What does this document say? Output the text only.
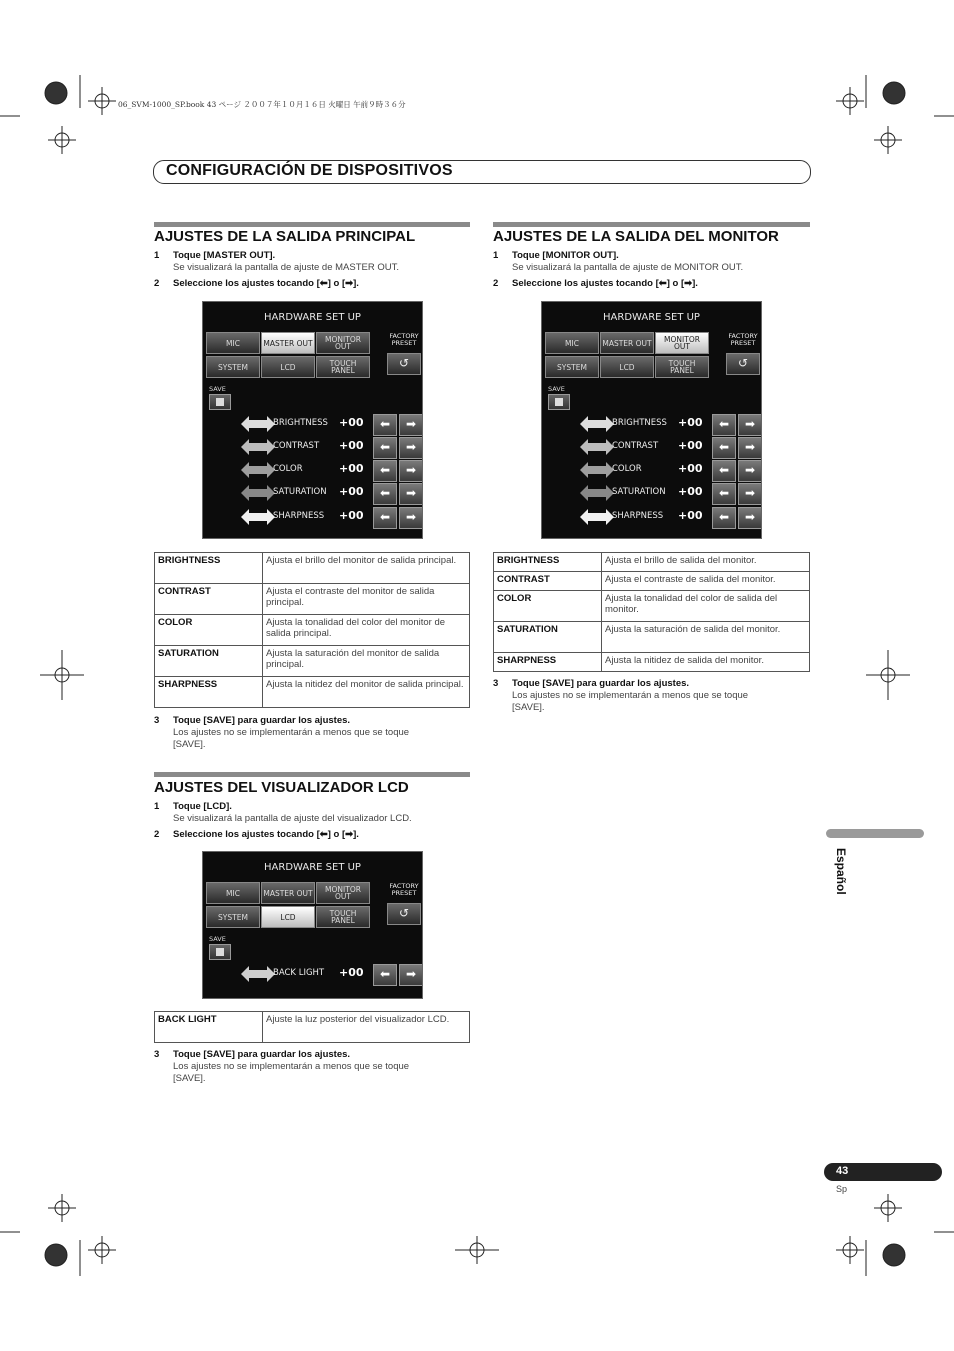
06_SVM-1000_SP.book 43 ページ ２００７年１０月１６日 火曜日 午前９時３６分
CONFIGURACIÓN DE DISPOSITIVOS
AJUSTES DE LA SALIDA PRINCIPAL
1 Toque [MASTER OUT].
Se visualizará la pantalla de ajuste de MASTER OUT.
2 Seleccione los ajustes tocando [⬅] o [➡].
HARDWARE SET UP
MIC	MASTER OUT	MONITOR OUT
SYSTEM	LCD	TOUCH PANEL
FACTORY PRESET
↺
SAVE
BRIGHTNESS +00	⬅	➡
CONTRAST +00	⬅	➡
COLOR	+00	⬅	➡
SATURATION +00	⬅	➡
SHARPNESS +00	⬅	➡
BRIGHTNESS	Ajusta el brillo del monitor de salida principal.
CONTRAST	Ajusta el contraste del monitor de salida principal.
COLOR	Ajusta la tonalidad del color del monitor de salida principal.
SATURATION	Ajusta la saturación del monitor de salida principal.
SHARPNESS	Ajusta la nitidez del monitor de salida principal.
3 Toque [SAVE] para guardar los ajustes.
Los ajustes no se implementarán a menos que se toque
[SAVE].
AJUSTES DEL VISUALIZADOR LCD
1 Toque [LCD].
Se visualizará la pantalla de ajuste del visualizador LCD.
2 Seleccione los ajustes tocando [⬅] o [➡].
HARDWARE SET UP
MIC	MASTER OUT	MONITOR OUT
SYSTEM	LCD	TOUCH PANEL
FACTORY PRESET
↺
SAVE
BACK LIGHT +00	⬅	➡
BACK LIGHT	Ajuste la luz posterior del visualizador LCD.
3 Toque [SAVE] para guardar los ajustes.
Los ajustes no se implementarán a menos que se toque
[SAVE].
AJUSTES DE LA SALIDA DEL MONITOR
1 Toque [MONITOR OUT].
Se visualizará la pantalla de ajuste de MONITOR OUT.
2 Seleccione los ajustes tocando [⬅] o [➡].
HARDWARE SET UP
MIC	MASTER OUT	MONITOR OUT
SYSTEM	LCD	TOUCH PANEL
FACTORY PRESET
↺
SAVE
BRIGHTNESS +00	⬅	➡
CONTRAST +00	⬅	➡
COLOR	+00	⬅	➡
SATURATION +00	⬅	➡
SHARPNESS +00	⬅	➡
BRIGHTNESS	Ajusta el brillo de salida del monitor.
CONTRAST	Ajusta el contraste de salida del monitor.
COLOR	Ajusta la tonalidad del color de salida del monitor.
SATURATION	Ajusta la saturación de salida del monitor.
SHARPNESS	Ajusta la nitidez de salida del monitor.
3 Toque [SAVE] para guardar los ajustes.
Los ajustes no se implementarán a menos que se toque
[SAVE].
Español
43
Sp
